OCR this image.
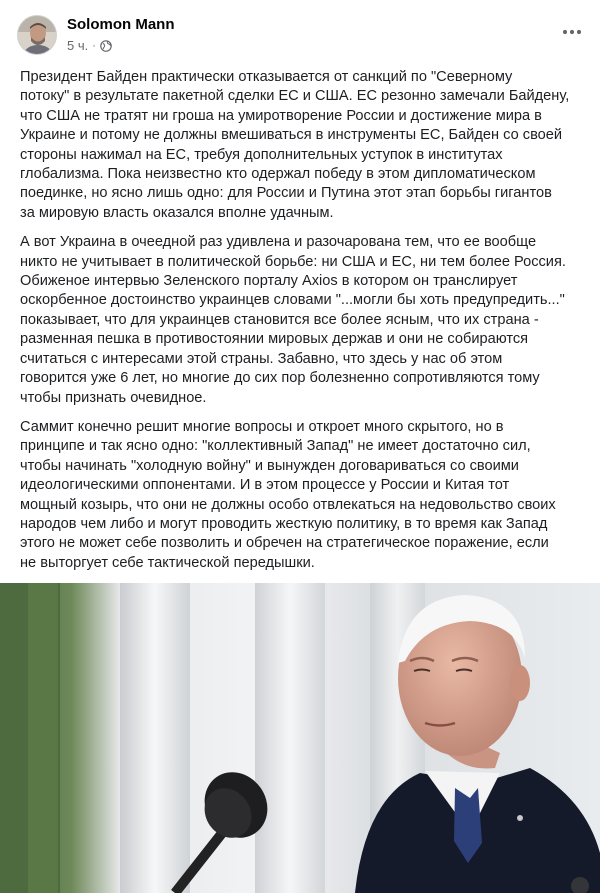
Solomon Mann
5 ч. ·

Президент Байден практически отказывается от санкций по "Северному
потоку" в результате пакетной сделки ЕС и США. ЕС резонно замечали Байдену,
что США не тратят ни гроша на умиротворение России и достижение мира в
Украине и потому не должны вмешиваться в инструменты ЕС, Байден со своей
стороны нажимал на ЕС, требуя дополнительных уступок в институтах
глобализма. Пока неизвестно кто одержал победу в этом дипломатическом
поединке, но ясно лишь одно: для России и Путина этот этап борьбы гигантов
за мировую власть оказался вполне удачным.

А вот Украина в очеедной раз удивлена и разочарована тем, что ее вообще
никто не учитывает в политической борьбе: ни США и ЕС, ни тем более Россия.
Обиженое интервью Зеленского порталу Axios в котором он транслирует
оскорбенное достоинство украинцев словами "...могли бы хоть предупредить..."
показывает, что для украинцев становится все более ясным, что их страна -
разменная пешка в противостоянии мировых держав и они не собираются
считаться с интересами этой страны. Забавно, что здесь у нас об этом
говорится уже 6 лет, но многие до сих пор болезненно сопротивляются тому
чтобы признать очевидное.

Саммит конечно решит многие вопросы и откроет много скрытого, но в
принципе и так ясно одно: "коллективный Запад" не имеет достаточно сил,
чтобы начинать "холодную войну" и вынужден договариваться со своими
идеологическими оппонентами. И в этом процессе у России и Китая тот
мощный козырь, что они не должны особо отвлекаться на недовольство своих
народов чем либо и могут проводить жесткую политику, в то время как Запад
этого не может себе позволить и обречен на стратегическое поражение, если
не выторгует себе тактической передышки.
